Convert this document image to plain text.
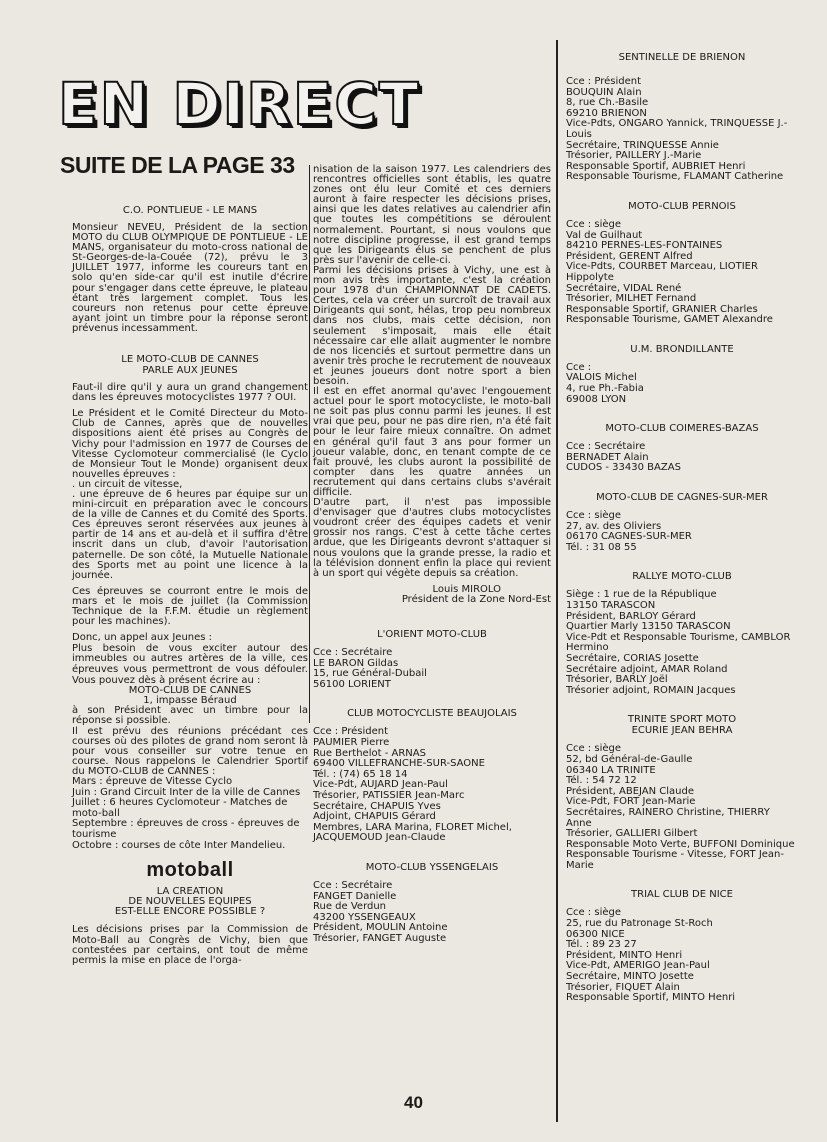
EN DIRECT
SUITE DE LA PAGE 33
C.O. PONTLIEUE - LE MANS
Monsieur NEVEU, Président de la section MOTO du CLUB OLYMPIQUE DE PONTLIEUE - LE MANS, organisateur du moto-cross national de St-Georges-de-la-Couée (72), prévu le 3 JUILLET 1977, informe les coureurs tant en solo qu'en side-car qu'il est inutile d'écrire pour s'engager dans cette épreuve, le plateau étant très largement complet. Tous les coureurs non retenus pour cette épreuve ayant joint un timbre pour la réponse seront prévenus incessamment.
LE MOTO-CLUB DE CANNES
PARLE AUX JEUNES
Faut-il dire qu'il y aura un grand changement dans les épreuves motocyclistes 1977 ? OUI.
Le Président et le Comité Directeur du Moto-Club de Cannes, après que de nouvelles dispositions aient été prises au Congrès de Vichy pour l'admission en 1977 de Courses de Vitesse Cyclomoteur commercialisé (le Cyclo de Monsieur Tout le Monde) organisent deux nouvelles épreuves :
. un circuit de vitesse,
. une épreuve de 6 heures par équipe sur un mini-circuit en préparation avec le concours de la ville de Cannes et du Comité des Sports. Ces épreuves seront réservées aux jeunes à partir de 14 ans et au-delà et il suffira d'être inscrit dans un club, d'avoir l'autorisation paternelle. De son côté, la Mutuelle Nationale des Sports met au point une licence à la journée.
Ces épreuves se courront entre le mois de mars et le mois de juillet (la Commission Technique de la F.F.M. étudie un règlement pour les machines).
Donc, un appel aux Jeunes :
Plus besoin de vous exciter autour des immeubles ou autres artères de la ville, ces épreuves vous permettront de vous défouler. Vous pouvez dès à présent écrire au :
MOTO-CLUB DE CANNES
1, impasse Béraud
à son Président avec un timbre pour la réponse si possible.
Il est prévu des réunions précédant ces courses où des pilotes de grand nom seront là pour vous conseiller sur votre tenue en course. Nous rappelons le Calendrier Sportif du MOTO-CLUB de CANNES :
Mars : épreuve de Vitesse Cyclo
Juin : Grand Circuit Inter de la ville de Cannes
Juillet : 6 heures Cyclomoteur - Matches de moto-ball
Septembre : épreuves de cross - épreuves de tourisme
Octobre : courses de côte Inter Mandelieu.
motoball
LA CREATION
DE NOUVELLES EQUIPES
EST-ELLE ENCORE POSSIBLE ?
Les décisions prises par la Commission de Moto-Ball au Congrès de Vichy, bien que contestées par certains, ont tout de même permis la mise en place de l'orga-
nisation de la saison 1977. Les calendriers des rencontres officielles sont établis, les quatre zones ont élu leur Comité et ces derniers auront à faire respecter les décisions prises, ainsi que les dates relatives au calendrier afin que toutes les compétitions se déroulent normalement. Pourtant, si nous voulons que notre discipline progresse, il est grand temps que les Dirigeants élus se penchent de plus près sur l'avenir de celle-ci.
Parmi les décisions prises à Vichy, une est à mon avis très importante, c'est la création pour 1978 d'un CHAMPIONNAT DE CADETS. Certes, cela va créer un surcroît de travail aux Dirigeants qui sont, hélas, trop peu nombreux dans nos clubs, mais cette décision, non seulement s'imposait, mais elle était nécessaire car elle allait augmenter le nombre de nos licenciés et surtout permettre dans un avenir très proche le recrutement de nouveaux et jeunes joueurs dont notre sport a bien besoin.
Il est en effet anormal qu'avec l'engouement actuel pour le sport motocycliste, le moto-ball ne soit pas plus connu parmi les jeunes. Il est vrai que peu, pour ne pas dire rien, n'a été fait pour le leur faire mieux connaître. On admet en général qu'il faut 3 ans pour former un joueur valable, donc, en tenant compte de ce fait prouvé, les clubs auront la possibilité de compter dans les quatre années un recrutement qui dans certains clubs s'avérait difficile.
D'autre part, il n'est pas impossible d'envisager que d'autres clubs motocyclistes voudront créer des équipes cadets et venir grossir nos rangs. C'est à cette tâche certes ardue, que les Dirigeants devront s'attaquer si nous voulons que la grande presse, la radio et la télévision donnent enfin la place qui revient à un sport qui végète depuis sa création.
Louis MIROLO
Président de la Zone Nord-Est
L'ORIENT MOTO-CLUB
Cce : Secrétaire
LE BARON Gildas
15, rue Général-Dubail
56100 LORIENT
CLUB MOTOCYCLISTE BEAUJOLAIS
Cce : Président
PAUMIER Pierre
Rue Berthelot - ARNAS
69400 VILLEFRANCHE-SUR-SAONE
Tél. : (74) 65 18 14
Vice-Pdt, AUJARD Jean-Paul
Trésorier, PATISSIER Jean-Marc
Secrétaire, CHAPUIS Yves
Adjoint, CHAPUIS Gérard
Membres, LARA Marina, FLORET Michel, JACQUEMOUD Jean-Claude
MOTO-CLUB YSSENGELAIS
Cce : Secrétaire
FANGET Danielle
Rue de Verdun
43200 YSSENGEAUX
Président, MOULIN Antoine
Trésorier, FANGET Auguste
SENTINELLE DE BRIENON
Cce : Président
BOUQUIN Alain
8, rue Ch.-Basile
69210 BRIENON
Vice-Pdts, ONGARO Yannick, TRINQUESSE J.-Louis
Secrétaire, TRINQUESSE Annie
Trésorier, PAILLERY J.-Marie
Responsable Sportif, AUBRIET Henri
Responsable Tourisme, FLAMANT Catherine
MOTO-CLUB PERNOIS
Cce : siège
Val de Guilhaut
84210 PERNES-LES-FONTAINES
Président, GERENT Alfred
Vice-Pdts, COURBET Marceau, LIOTIER Hippolyte
Secrétaire, VIDAL René
Trésorier, MILHET Fernand
Responsable Sportif, GRANIER Charles
Responsable Tourisme, GAMET Alexandre
U.M. BRONDILLANTE
Cce :
VALOIS Michel
4, rue Ph.-Fabia
69008 LYON
MOTO-CLUB COIMERES-BAZAS
Cce : Secrétaire
BERNADET Alain
CUDOS - 33430 BAZAS
MOTO-CLUB DE CAGNES-SUR-MER
Cce : siège
27, av. des Oliviers
06170 CAGNES-SUR-MER
Tél. : 31 08 55
RALLYE MOTO-CLUB
Siège : 1 rue de la République
13150 TARASCON
Président, BARLOY Gérard
Quartier Marly 13150 TARASCON
Vice-Pdt et Responsable Tourisme, CAMBLOR Hermino
Secrétaire, CORIAS Josette
Secrétaire adjoint, AMAR Roland
Trésorier, BARLY Joël
Trésorier adjoint, ROMAIN Jacques
TRINITE SPORT MOTO
ECURIE JEAN BEHRA
Cce : siège
52, bd Général-de-Gaulle
06340 LA TRINITE
Tél. : 54 72 12
Président, ABEJAN Claude
Vice-Pdt, FORT Jean-Marie
Secrétaires, RAINERO Christine, THIERRY Anne
Trésorier, GALLIERI Gilbert
Responsable Moto Verte, BUFFONI Dominique
Responsable Tourisme - Vitesse, FORT Jean-Marie
TRIAL CLUB DE NICE
Cce : siège
25, rue du Patronage St-Roch
06300 NICE
Tél. : 89 23 27
Président, MINTO Henri
Vice-Pdt, AMERIGO Jean-Paul
Secrétaire, MINTO Josette
Trésorier, FIQUET Alain
Responsable Sportif, MINTO Henri
40
